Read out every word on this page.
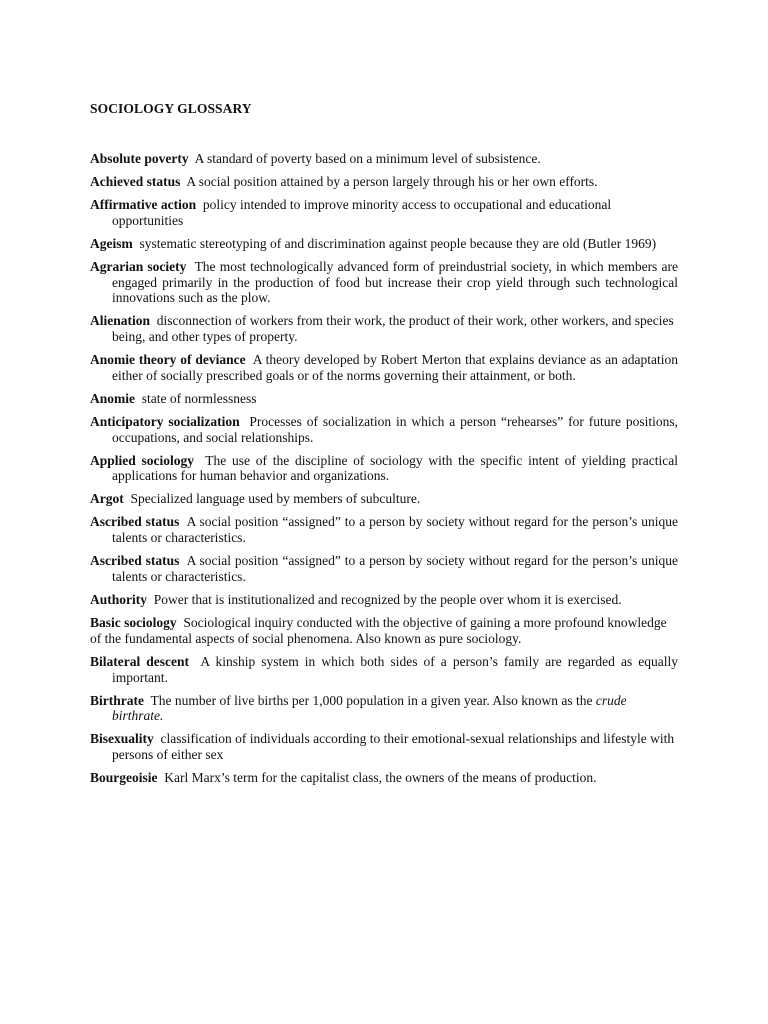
SOCIOLOGY GLOSSARY
Absolute poverty A standard of poverty based on a minimum level of subsistence.
Achieved status A social position attained by a person largely through his or her own efforts.
Affirmative action policy intended to improve minority access to occupational and educational opportunities
Ageism systematic stereotyping of and discrimination against people because they are old (Butler 1969)
Agrarian society The most technologically advanced form of preindustrial society, in which members are engaged primarily in the production of food but increase their crop yield through such technological innovations such as the plow.
Alienation disconnection of workers from their work, the product of their work, other workers, and species being, and other types of property.
Anomie theory of deviance A theory developed by Robert Merton that explains deviance as an adaptation either of socially prescribed goals or of the norms governing their attainment, or both.
Anomie state of normlessness
Anticipatory socialization Processes of socialization in which a person “rehearses” for future positions, occupations, and social relationships.
Applied sociology The use of the discipline of sociology with the specific intent of yielding practical applications for human behavior and organizations.
Argot Specialized language used by members of subculture.
Ascribed status A social position “assigned” to a person by society without regard for the person’s unique talents or characteristics.
Ascribed status A social position “assigned” to a person by society without regard for the person’s unique talents or characteristics.
Authority Power that is institutionalized and recognized by the people over whom it is exercised.
Basic sociology Sociological inquiry conducted with the objective of gaining a more profound knowledge of the fundamental aspects of social phenomena. Also known as pure sociology.
Bilateral descent A kinship system in which both sides of a person’s family are regarded as equally important.
Birthrate The number of live births per 1,000 population in a given year. Also known as the crude birthrate.
Bisexuality classification of individuals according to their emotional-sexual relationships and lifestyle with persons of either sex
Bourgeoisie Karl Marx’s term for the capitalist class, the owners of the means of production.
